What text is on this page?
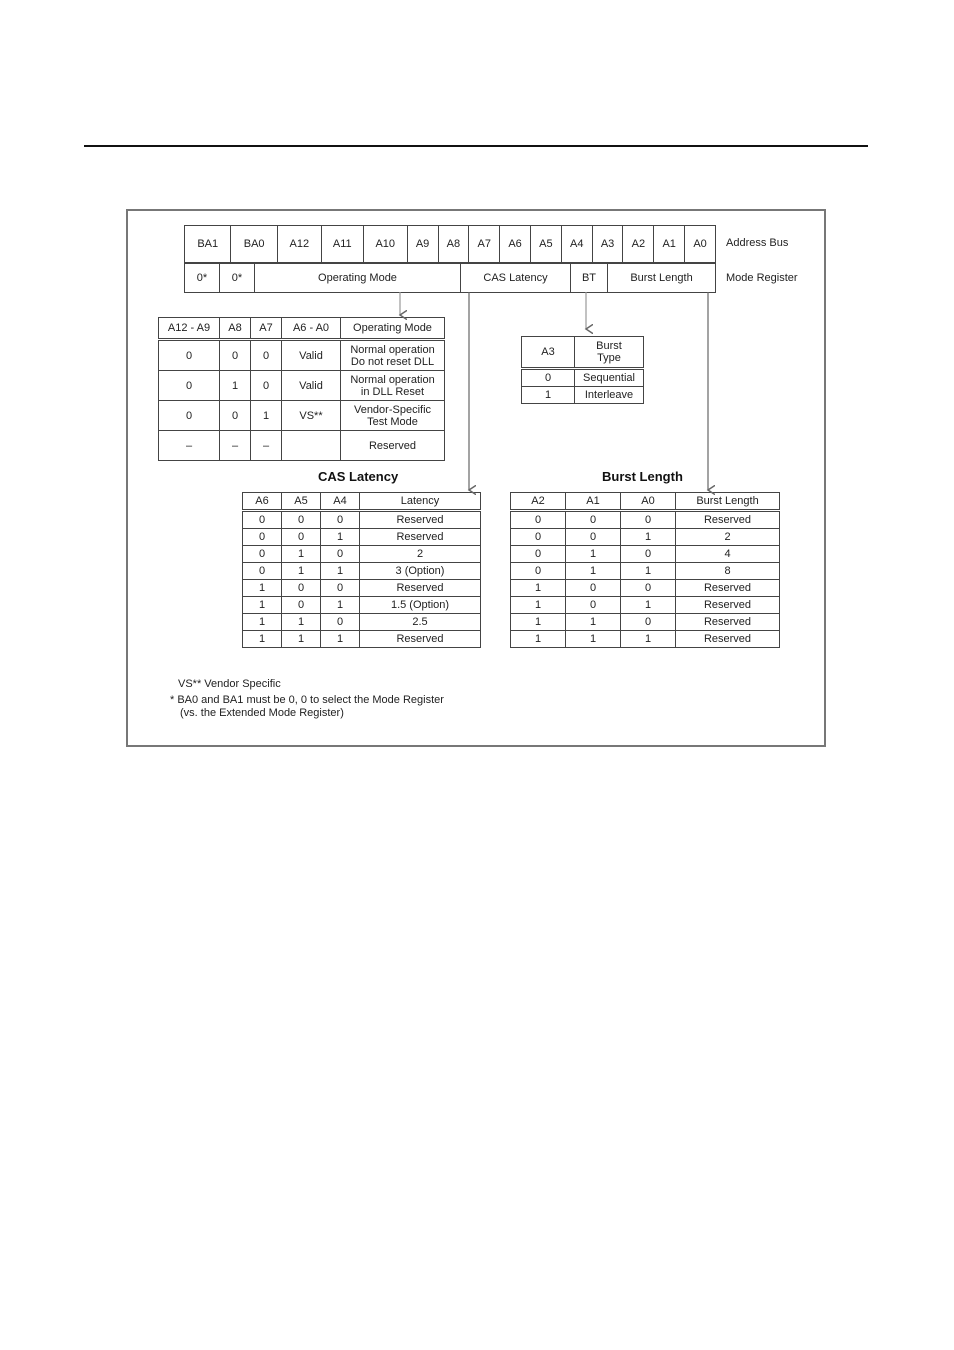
BA1	BA0	A12	A11	A10	A9	A8	A7	A6	A5	A4	A3	A2	A1	A0 Address Bus
0*	0*	Operating Mode	CAS Latency	BT	Burst Length	Mode Register
A12 - A9	A8	A7	A6 - A0	Operating Mode
0	0	0	Valid	Normal operation
Do not reset DLL
0	1	0	Valid	Normal operation
in DLL Reset
0	0	1	VS**	Vendor-Specific
Test Mode
–	–	–		Reserved
A3	Burst
Type
0	Sequential
1	Interleave
CAS Latency
A6	A5	A4	Latency
0	0	0	Reserved
0	0	1	Reserved
0	1	0	2
0	1	1	3 (Option)
1	0	0	Reserved
1	0	1	1.5 (Option)
1	1	0	2.5
1	1	1	Reserved
Burst Length
A2	A1	A0	Burst Length
0	0	0	Reserved
0	0	1	2
0	1	0	4
0	1	1	8
1	0	0	Reserved
1	0	1	Reserved
1	1	0	Reserved
1	1	1	Reserved
VS** Vendor Specific
* BA0 and BA1 must be 0, 0 to select the Mode Register
(vs. the Extended Mode Register)
